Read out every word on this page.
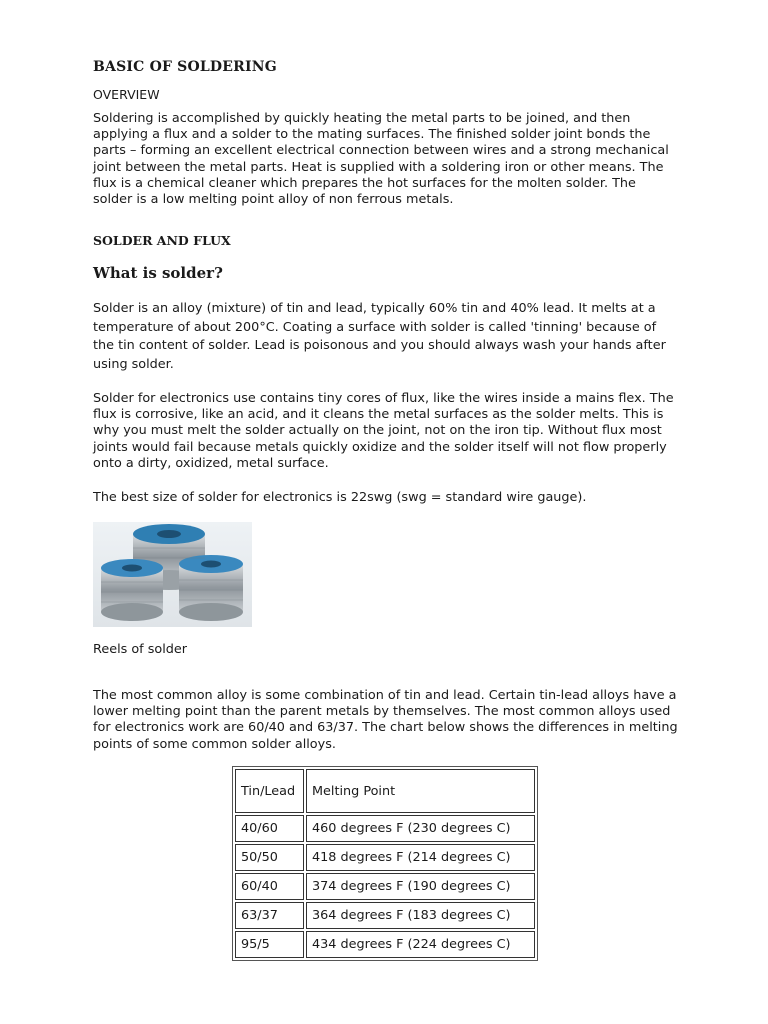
BASIC OF SOLDERING
OVERVIEW

Soldering is accomplished by quickly heating the metal parts to be joined, and then applying a flux and a solder to the mating surfaces. The finished solder joint bonds the parts – forming an excellent electrical connection between wires and a strong mechanical joint between the metal parts. Heat is supplied with a soldering iron or other means. The flux is a chemical cleaner which prepares the hot surfaces for the molten solder. The solder is a low melting point alloy of non ferrous metals.

SOLDER AND FLUX
What is solder?

Solder is an alloy (mixture) of tin and lead, typically 60% tin and 40% lead. It melts at a temperature of about 200°C. Coating a surface with solder is called 'tinning' because of the tin content of solder. Lead is poisonous and you should always wash your hands after using solder.

Solder for electronics use contains tiny cores of flux, like the wires inside a mains flex. The flux is corrosive, like an acid, and it cleans the metal surfaces as the solder melts. This is why you must melt the solder actually on the joint, not on the iron tip. Without flux most joints would fail because metals quickly oxidize and the solder itself will not flow properly onto a dirty, oxidized, metal surface.

The best size of solder for electronics is 22swg (swg = standard wire gauge).

Reels of solder

The most common alloy is some combination of tin and lead. Certain tin-lead alloys have a lower melting point than the parent metals by themselves. The most common alloys used for electronics work are 60/40 and 63/37. The chart below shows the differences in melting points of some common solder alloys.

Tin/Lead	Melting Point
40/60	460 degrees F (230 degrees C)
50/50	418 degrees F (214 degrees C)
60/40	374 degrees F (190 degrees C)
63/37	364 degrees F (183 degrees C)
95/5	434 degrees F (224 degrees C)
